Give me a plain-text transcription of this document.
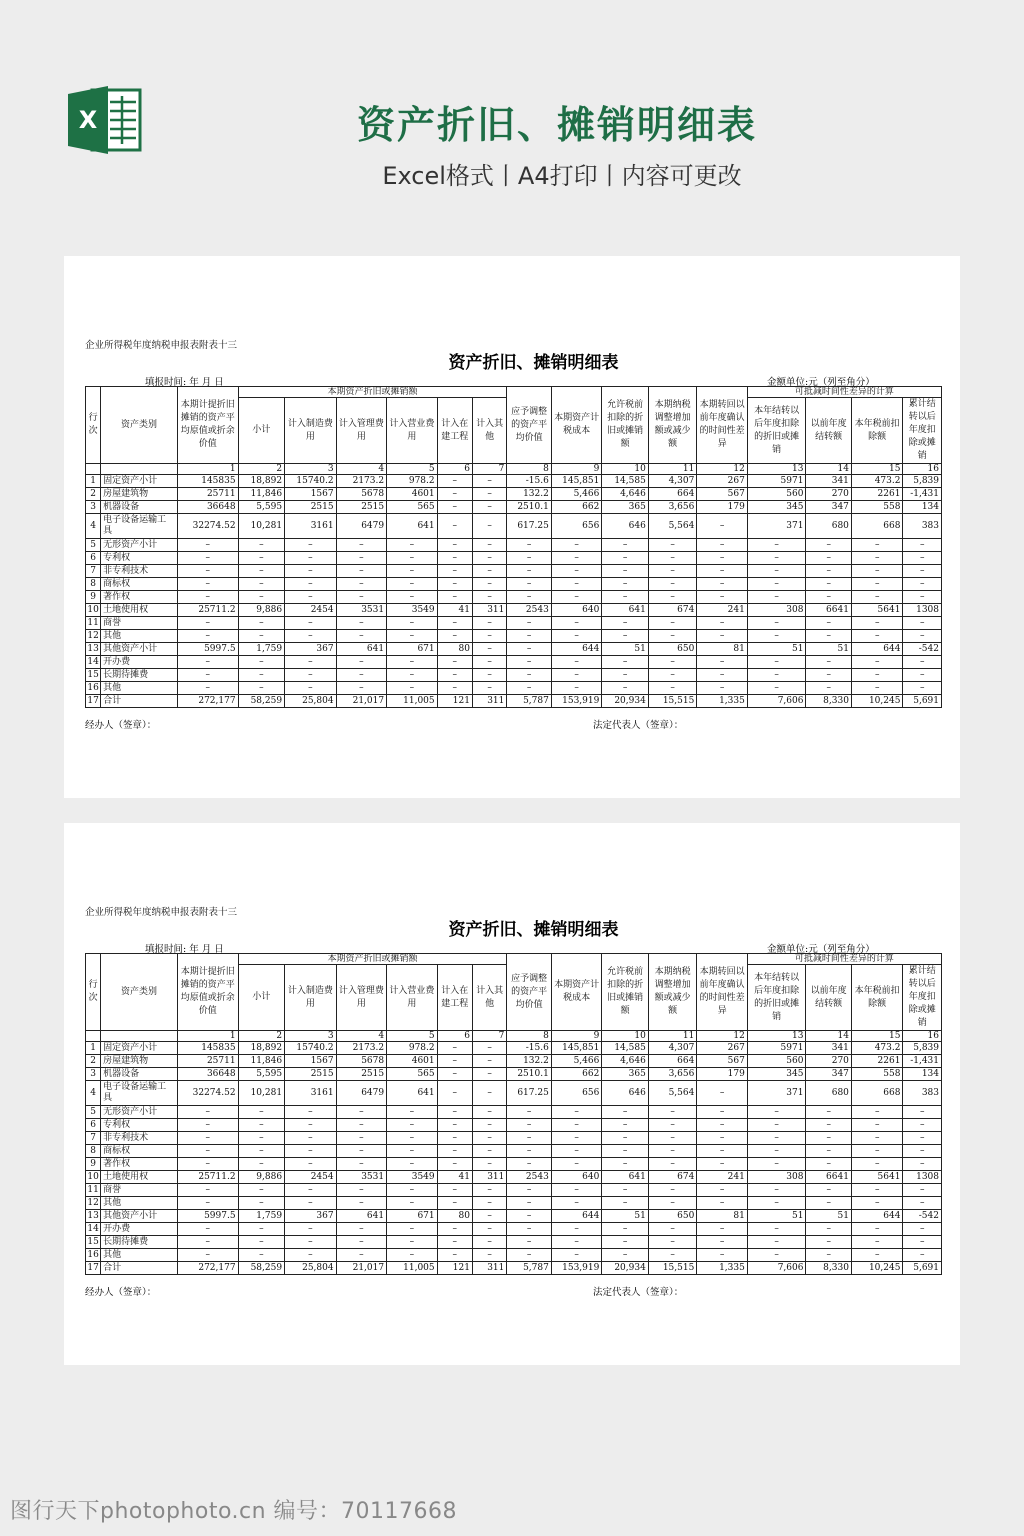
X	资产折旧、摊销明细表
Excel格式丨A4打印丨内容可更改
企业所得税年度纳税申报表附表十三
资产折旧、摊销明细表
填报时间: 年 月 日	金额单位:元（列至角分）
行次	资产类别	本期计提折旧摊销的资产平均原值或折余价值	本期资产折旧或摊销额						应予调整的资产平均价值	本期资产计税成本	允许税前扣除的折旧或摊销额	本期纳税调整增加额或减少额	本期转回以前年度确认的时间性差异	可抵减时间性差异的计算			
			小计	计入制造费用	计入管理费用	计入营业费用	计入在建工程	计入其他						本年结转以后年度扣除的折旧或摊销	以前年度结转额	本年税前扣除额	累计结转以后年度扣除或摊销
		1	2	3	4	5	6	7	8	9	10	11	12	13	14	15	16
1	固定资产小计	145835	18,892	15740.2	2173.2	978.2	–	–	-15.6	145,851	14,585	4,307	267	5971	341	473.2	5,839
2	房屋建筑物	25711	11,846	1567	5678	4601	–	–	132.2	5,466	4,646	664	567	560	270	2261	-1,431
3	机器设备	36648	5,595	2515	2515	565	–	–	2510.1	662	365	3,656	179	345	347	558	134
4	电子设备运输工具	32274.52	10,281	3161	6479	641	–	–	617.25	656	646	5,564	–	371	680	668	383
5	无形资产小计	–	–	–	–	–	–	–	–	–	–	–	–	–	–	–	–
6	专利权	–	–	–	–	–	–	–	–	–	–	–	–	–	–	–	–
7	非专利技术	–	–	–	–	–	–	–	–	–	–	–	–	–	–	–	–
8	商标权	–	–	–	–	–	–	–	–	–	–	–	–	–	–	–	–
9	著作权	–	–	–	–	–	–	–	–	–	–	–	–	–	–	–	–
10	土地使用权	25711.2	9,886	2454	3531	3549	41	311	2543	640	641	674	241	308	6641	5641	1308
11	商誉	–	–	–	–	–	–	–	–	–	–	–	–	–	–	–	–
12	其他	–	–	–	–	–	–	–	–	–	–	–	–	–	–	–	–
13	其他资产小计	5997.5	1,759	367	641	671	80	–	–	644	51	650	81	51	51	644	-542
14	开办费	–	–	–	–	–	–	–	–	–	–	–	–	–	–	–	–
15	长期待摊费	–	–	–	–	–	–	–	–	–	–	–	–	–	–	–	–
16	其他	–	–	–	–	–	–	–	–	–	–	–	–	–	–	–	–
17	合计	272,177	58,259	25,804	21,017	11,005	121	311	5,787	153,919	20,934	15,515	1,335	7,606	8,330	10,245	5,691
经办人（签章）：	法定代表人（签章）：
企业所得税年度纳税申报表附表十三
资产折旧、摊销明细表
填报时间: 年 月 日	金额单位:元（列至角分）
行次	资产类别	本期计提折旧摊销的资产平均原值或折余价值	本期资产折旧或摊销额						应予调整的资产平均价值	本期资产计税成本	允许税前扣除的折旧或摊销额	本期纳税调整增加额或减少额	本期转回以前年度确认的时间性差异	可抵减时间性差异的计算			
			小计	计入制造费用	计入管理费用	计入营业费用	计入在建工程	计入其他						本年结转以后年度扣除的折旧或摊销	以前年度结转额	本年税前扣除额	累计结转以后年度扣除或摊销
		1	2	3	4	5	6	7	8	9	10	11	12	13	14	15	16
1	固定资产小计	145835	18,892	15740.2	2173.2	978.2	–	–	-15.6	145,851	14,585	4,307	267	5971	341	473.2	5,839
2	房屋建筑物	25711	11,846	1567	5678	4601	–	–	132.2	5,466	4,646	664	567	560	270	2261	-1,431
3	机器设备	36648	5,595	2515	2515	565	–	–	2510.1	662	365	3,656	179	345	347	558	134
4	电子设备运输工具	32274.52	10,281	3161	6479	641	–	–	617.25	656	646	5,564	–	371	680	668	383
5	无形资产小计	–	–	–	–	–	–	–	–	–	–	–	–	–	–	–	–
6	专利权	–	–	–	–	–	–	–	–	–	–	–	–	–	–	–	–
7	非专利技术	–	–	–	–	–	–	–	–	–	–	–	–	–	–	–	–
8	商标权	–	–	–	–	–	–	–	–	–	–	–	–	–	–	–	–
9	著作权	–	–	–	–	–	–	–	–	–	–	–	–	–	–	–	–
10	土地使用权	25711.2	9,886	2454	3531	3549	41	311	2543	640	641	674	241	308	6641	5641	1308
11	商誉	–	–	–	–	–	–	–	–	–	–	–	–	–	–	–	–
12	其他	–	–	–	–	–	–	–	–	–	–	–	–	–	–	–	–
13	其他资产小计	5997.5	1,759	367	641	671	80	–	–	644	51	650	81	51	51	644	-542
14	开办费	–	–	–	–	–	–	–	–	–	–	–	–	–	–	–	–
15	长期待摊费	–	–	–	–	–	–	–	–	–	–	–	–	–	–	–	–
16	其他	–	–	–	–	–	–	–	–	–	–	–	–	–	–	–	–
17	合计	272,177	58,259	25,804	21,017	11,005	121	311	5,787	153,919	20,934	15,515	1,335	7,606	8,330	10,245	5,691
经办人（签章）：	法定代表人（签章）：
图行天下photophoto.cn 编号：70117668
